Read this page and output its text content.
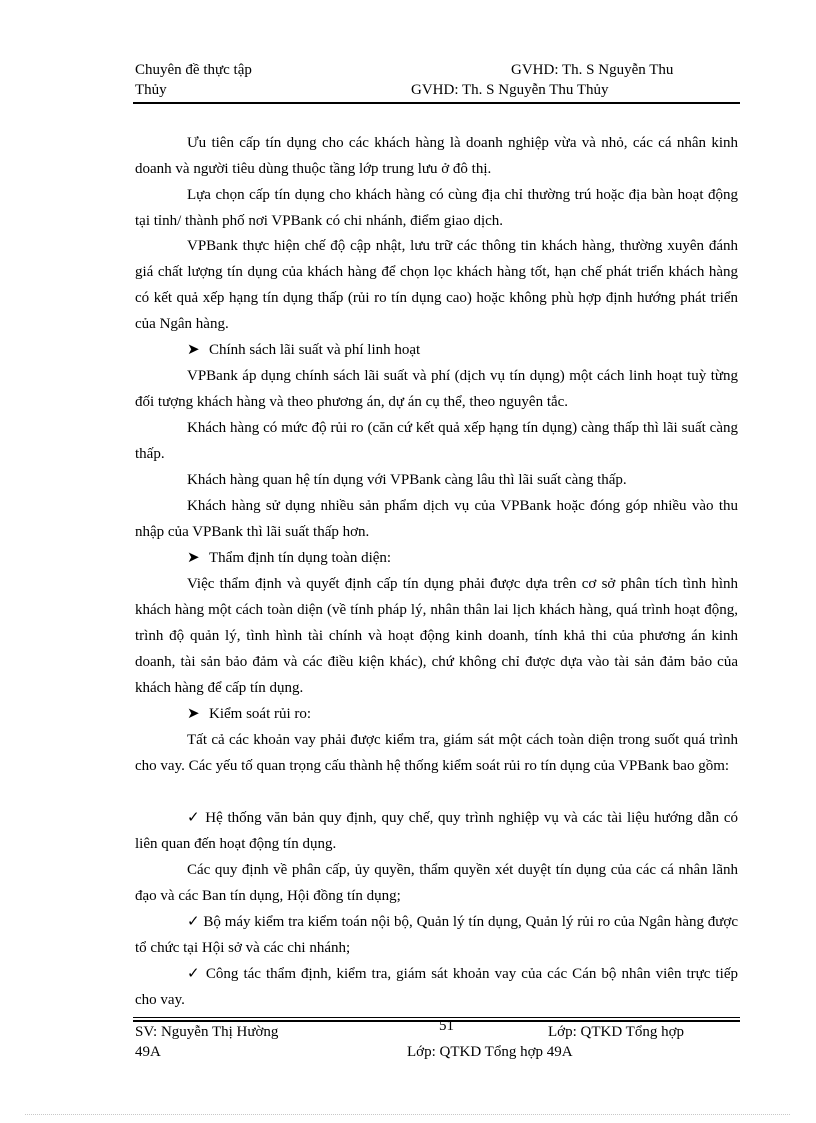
Chuyên đề thực tập	GVHD: Th. S Nguyễn Thu
Thủy	GVHD: Th. S Nguyễn Thu Thủy
Ưu tiên cấp tín dụng cho các khách hàng là doanh nghiệp vừa và nhỏ, các cá nhân kinh doanh và người tiêu dùng thuộc tầng lớp trung lưu ở đô thị.
Lựa chọn cấp tín dụng cho khách hàng có cùng địa chỉ thường trú hoặc địa bàn hoạt động tại tỉnh/ thành phố nơi VPBank có chi nhánh, điểm giao dịch.
VPBank thực hiện chế độ cập nhật, lưu trữ các thông tin khách hàng, thường xuyên đánh giá chất lượng tín dụng của khách hàng để chọn lọc khách hàng tốt, hạn chế phát triển khách hàng có kết quả xếp hạng tín dụng thấp (rủi ro tín dụng cao) hoặc không phù hợp định hướng phát triển của Ngân hàng.
➤ Chính sách lãi suất và phí linh hoạt
VPBank áp dụng chính sách lãi suất và phí (dịch vụ tín dụng) một cách linh hoạt tuỳ từng đối tượng khách hàng và theo phương án, dự án cụ thể, theo nguyên tắc.
Khách hàng có mức độ rủi ro (căn cứ kết quả xếp hạng tín dụng) càng thấp thì lãi suất càng thấp.
Khách hàng quan hệ tín dụng với VPBank càng lâu thì lãi suất càng thấp.
Khách hàng sử dụng nhiều sản phẩm dịch vụ của VPBank hoặc đóng góp nhiều vào thu nhập của VPBank thì lãi suất thấp hơn.
➤ Thẩm định tín dụng toàn diện:
Việc thẩm định và quyết định cấp tín dụng phải được dựa trên cơ sở phân tích tình hình khách hàng một cách toàn diện (về tính pháp lý, nhân thân lai lịch khách hàng, quá trình hoạt động, trình độ quản lý, tình hình tài chính và hoạt động kinh doanh, tính khả thi của phương án kinh doanh, tài sản bảo đảm và các điều kiện khác), chứ không chỉ được dựa vào tài sản đảm bảo của khách hàng để cấp tín dụng.
➤ Kiểm soát rủi ro:
Tất cả các khoản vay phải được kiểm tra, giám sát một cách toàn diện trong suốt quá trình cho vay. Các yếu tố quan trọng cấu thành hệ thống kiểm soát rủi ro tín dụng của VPBank bao gồm:
✓ Hệ thống văn bản quy định, quy chế, quy trình nghiệp vụ và các tài liệu hướng dẫn có liên quan đến hoạt động tín dụng.
Các quy định về phân cấp, ủy quyền, thẩm quyền xét duyệt tín dụng của các cá nhân lãnh đạo và các Ban tín dụng, Hội đồng tín dụng;
✓ Bộ máy kiểm tra kiểm toán nội bộ, Quản lý tín dụng, Quản lý rủi ro của Ngân hàng được tổ chức tại Hội sở và các chi nhánh;
✓ Công tác thẩm định, kiểm tra, giám sát khoản vay của các Cán bộ nhân viên trực tiếp cho vay.
SV: Nguyễn Thị Hường	51	Lớp: QTKD Tổng hợp
49A	Lớp: QTKD Tổng hợp 49A
